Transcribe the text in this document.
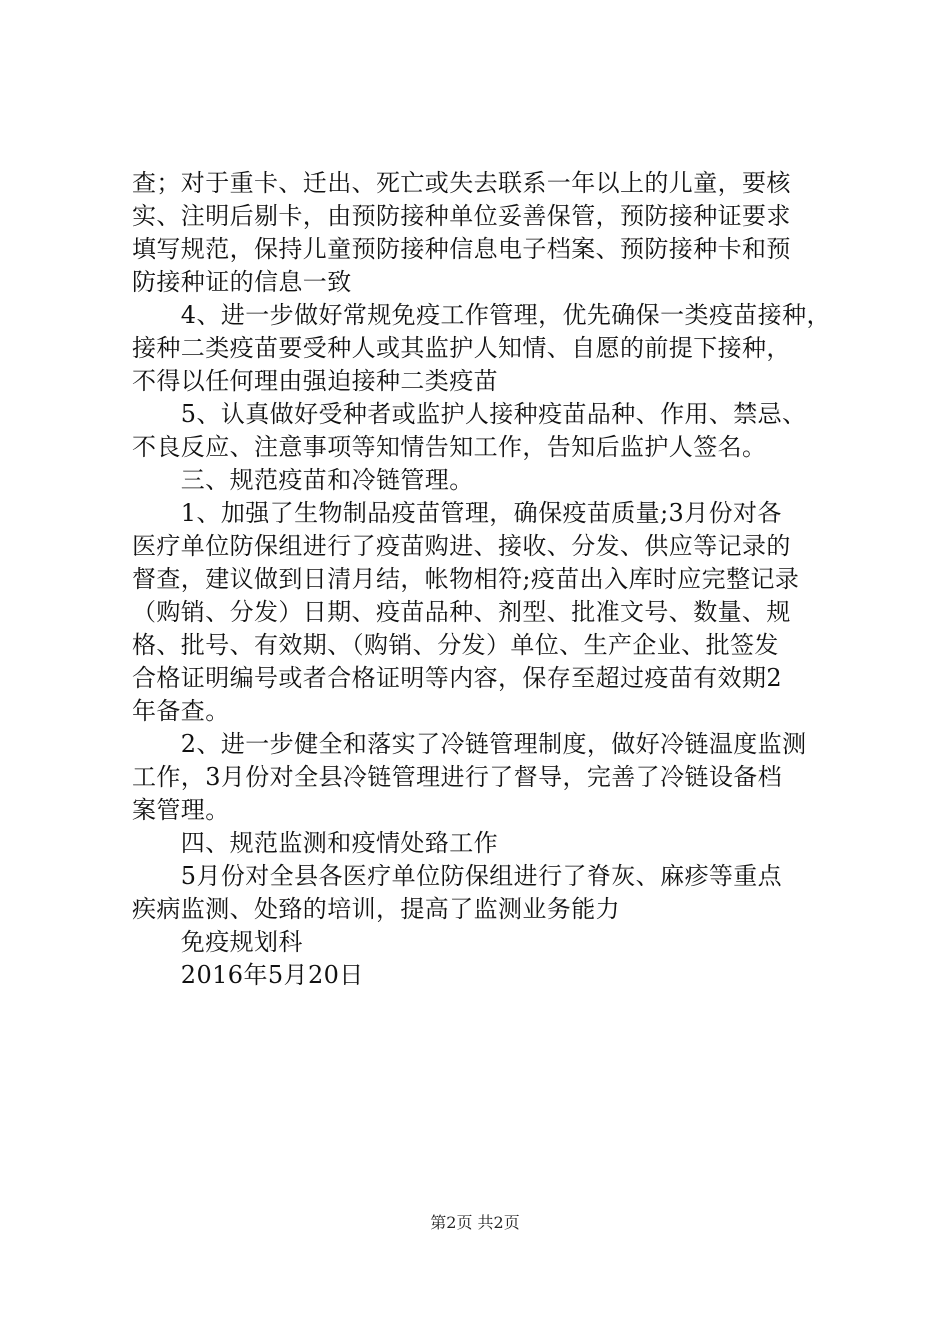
查；对于重卡、迁出、死亡或失去联系一年以上的儿童，要核
实、注明后剔卡，由预防接种单位妥善保管，预防接种证要求
填写规范，保持儿童预防接种信息电子档案、预防接种卡和预
防接种证的信息一致
　　4、进一步做好常规免疫工作管理，优先确保一类疫苗接种，
接种二类疫苗要受种人或其监护人知情、自愿的前提下接种，
不得以任何理由强迫接种二类疫苗
　　5、认真做好受种者或监护人接种疫苗品种、作用、禁忌、
不良反应、注意事项等知情告知工作，告知后监护人签名。
　　三、规范疫苗和冷链管理。
　　1、加强了生物制品疫苗管理，确保疫苗质量;3月份对各
医疗单位防保组进行了疫苗购进、接收、分发、供应等记录的
督查，建议做到日清月结，帐物相符;疫苗出入库时应完整记录
（购销、分发）日期、疫苗品种、剂型、批准文号、数量、规
格、批号、有效期、（购销、分发）单位、生产企业、批签发
合格证明编号或者合格证明等内容，保存至超过疫苗有效期2
年备查。
　　2、进一步健全和落实了冷链管理制度，做好冷链温度监测
工作，3月份对全县冷链管理进行了督导，完善了冷链设备档
案管理。
　　四、规范监测和疫情处臵工作
　　5月份对全县各医疗单位防保组进行了脊灰、麻疹等重点
疾病监测、处臵的培训，提高了监测业务能力
　　免疫规划科
　　2016年5月20日
第2页 共2页
